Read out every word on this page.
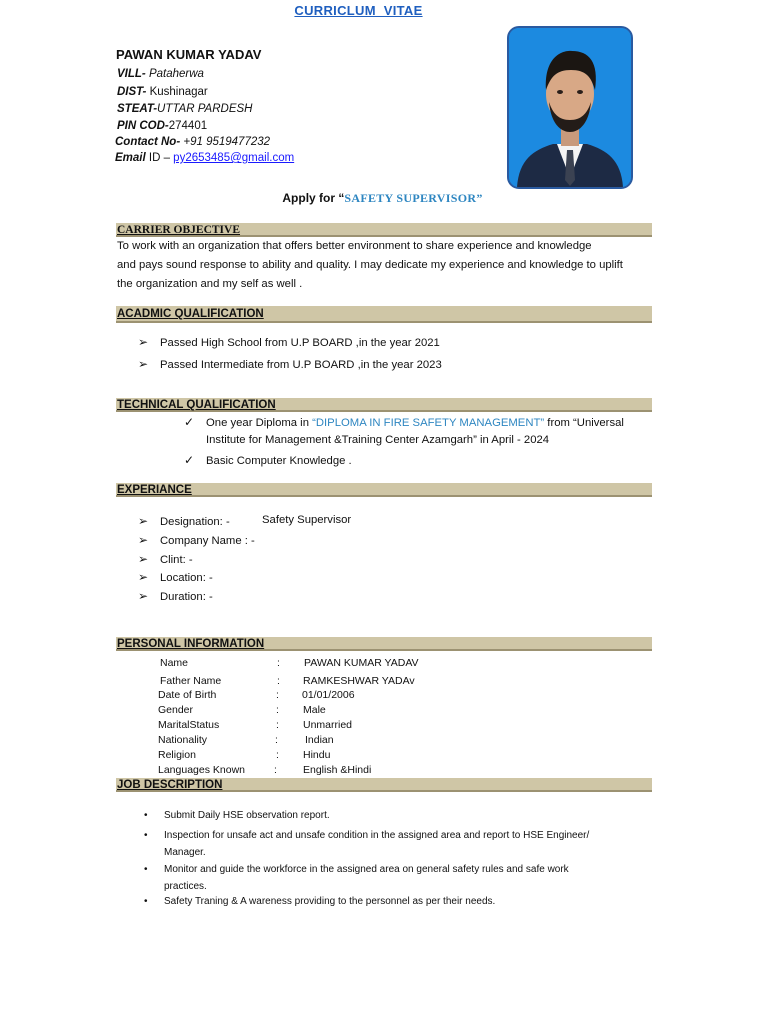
CURRICLUM VITAE
PAWAN KUMAR YADAV
VILL- Pataherwa
DIST- Kushinagar
STEAT-UTTAR PARDESH
PIN COD-274401
Contact No- +91 9519477232
Email ID – py2653485@gmail.com
Apply for “SAFETY SUPERVISOR”
CARRIER OBJECTIVE
To work with an organization that offers better environment to share experience and knowledge
and pays sound response to ability and quality. I may dedicate my experience and knowledge to uplift
the organization and my self as well .
ACADMIC QUALIFICATION
➢ Passed High School from U.P BOARD ,in the year 2021
➢ Passed Intermediate from U.P BOARD ,in the year 2023
TECHNICAL QUALIFICATION
✓ One year Diploma in “DIPLOMA IN FIRE SAFETY MANAGEMENT” from “Universal
Institute for Management &Training Center Azamgarh” in April - 2024
✓ Basic Computer Knowledge .
EXPERIANCE
➢ Designation: -	Safety Supervisor
➢ Company Name : -
➢ Clint: -
➢ Location: -
➢ Duration: -
PERSONAL INFORMATION
Name	: PAWAN KUMAR YADAV
Father Name	: RAMKESHWAR YADAv
Date of Birth	: 01/01/2006
Gender	: Male
MaritalStatus	: Unmarried
Nationality	:	Indian
Religion	: Hindu
Languages Known	: English &Hindi
JOB DESCRIPTION
• Submit Daily HSE observation report.
• Inspection for unsafe act and unsafe condition in the assigned area and report to HSE Engineer/
Manager.
• Monitor and guide the workforce in the assigned area on general safety rules and safe work
practices.
• Safety Traning & A wareness providing to the personnel as per their needs.
